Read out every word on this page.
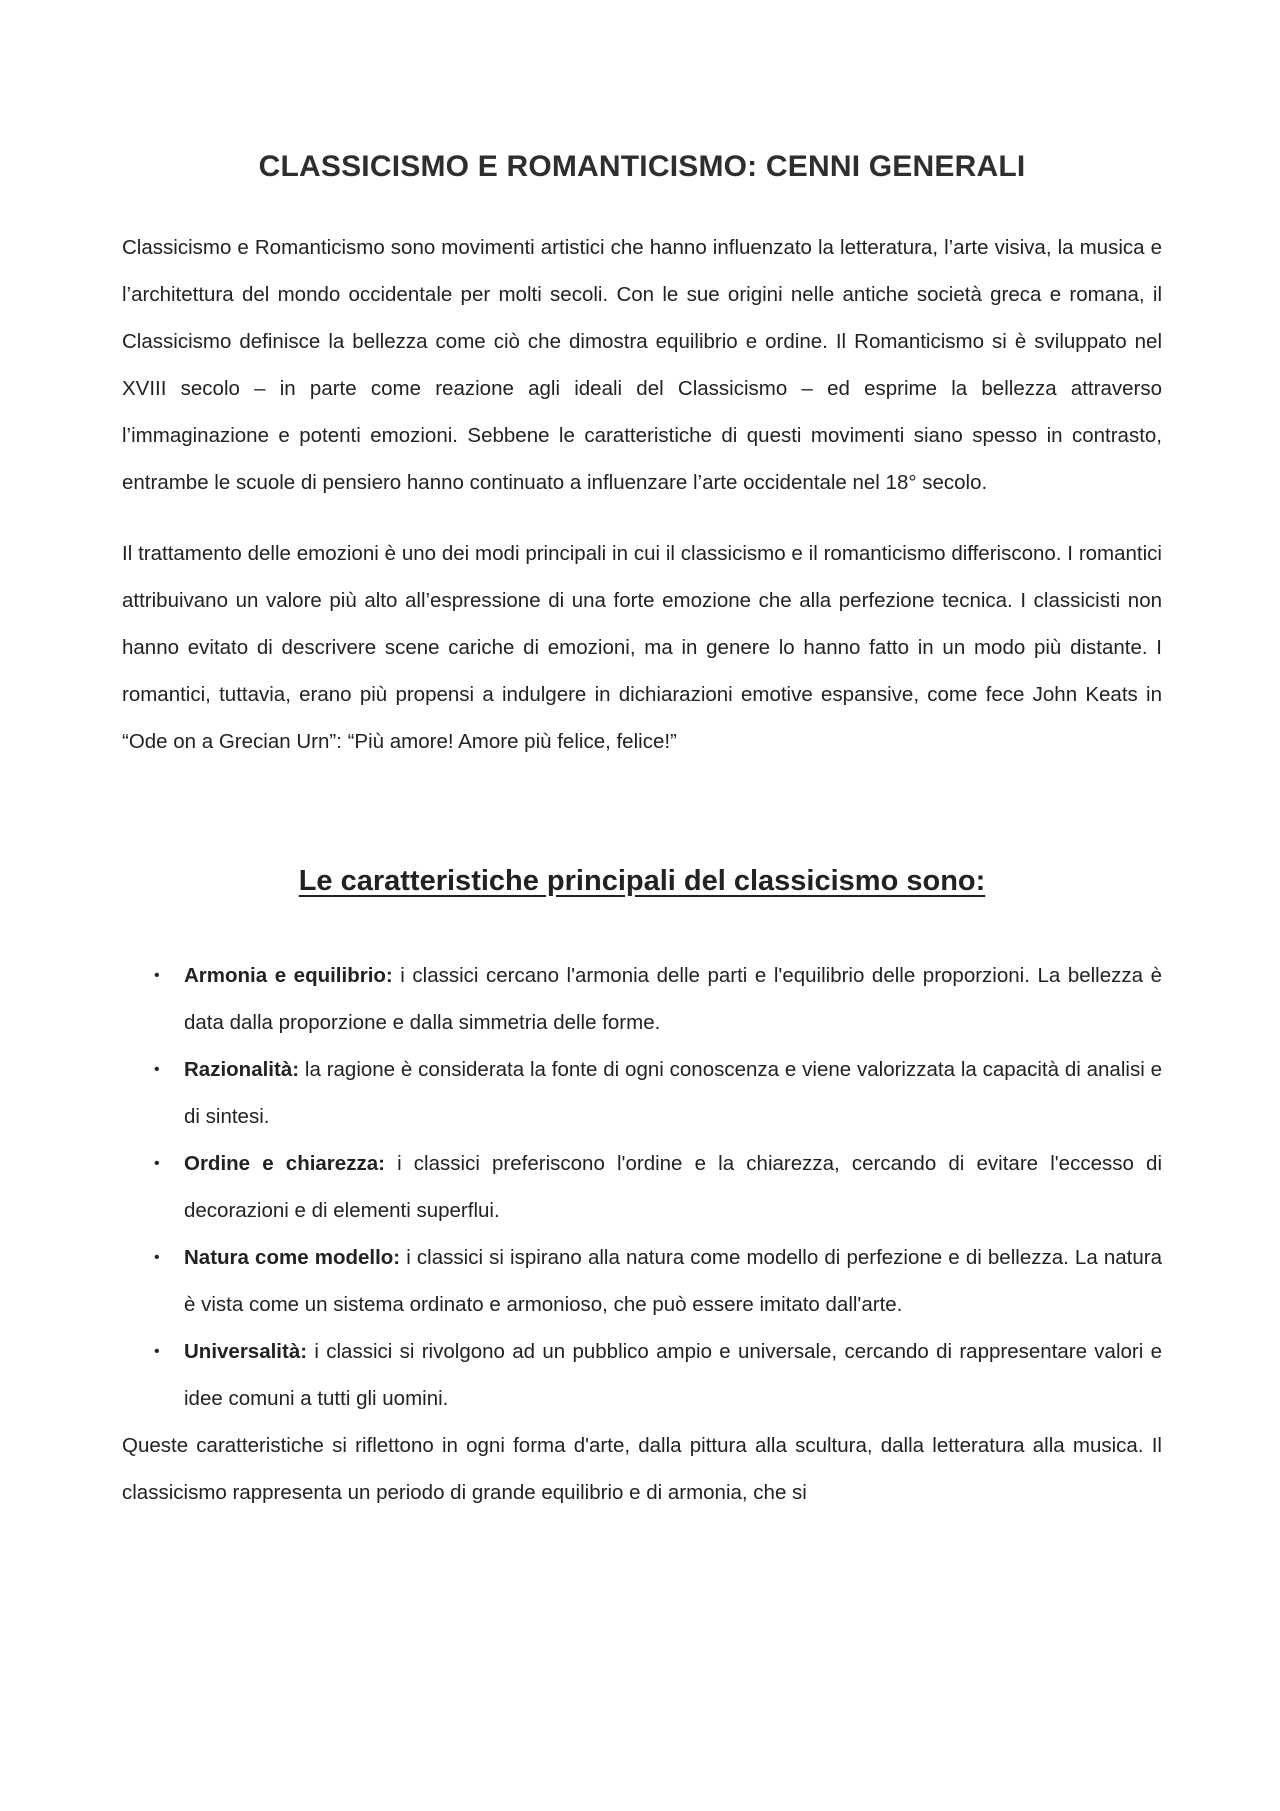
CLASSICISMO E ROMANTICISMO: CENNI GENERALI

Classicismo e Romanticismo sono movimenti artistici che hanno influenzato la letteratura, l’arte visiva, la musica e l’architettura del mondo occidentale per molti secoli. Con le sue origini nelle antiche società greca e romana, il Classicismo definisce la bellezza come ciò che dimostra equilibrio e ordine. Il Romanticismo si è sviluppato nel XVIII secolo – in parte come reazione agli ideali del Classicismo – ed esprime la bellezza attraverso l’immaginazione e potenti emozioni. Sebbene le caratteristiche di questi movimenti siano spesso in contrasto, entrambe le scuole di pensiero hanno continuato a influenzare l’arte occidentale nel 18° secolo.

Il trattamento delle emozioni è uno dei modi principali in cui il classicismo e il romanticismo differiscono. I romantici attribuivano un valore più alto all’espressione di una forte emozione che alla perfezione tecnica. I classicisti non hanno evitato di descrivere scene cariche di emozioni, ma in genere lo hanno fatto in un modo più distante. I romantici, tuttavia, erano più propensi a indulgere in dichiarazioni emotive espansive, come fece John Keats in “Ode on a Grecian Urn”: “Più amore! Amore più felice, felice!”

Le caratteristiche principali del classicismo sono:
• Armonia e equilibrio: i classici cercano l'armonia delle parti e l'equilibrio delle proporzioni. La bellezza è data dalla proporzione e dalla simmetria delle forme.
• Razionalità: la ragione è considerata la fonte di ogni conoscenza e viene valorizzata la capacità di analisi e di sintesi.
• Ordine e chiarezza: i classici preferiscono l'ordine e la chiarezza, cercando di evitare l'eccesso di decorazioni e di elementi superflui.
• Natura come modello: i classici si ispirano alla natura come modello di perfezione e di bellezza. La natura è vista come un sistema ordinato e armonioso, che può essere imitato dall'arte.
• Universalità: i classici si rivolgono ad un pubblico ampio e universale, cercando di rappresentare valori e idee comuni a tutti gli uomini.

Queste caratteristiche si riflettono in ogni forma d'arte, dalla pittura alla scultura, dalla letteratura alla musica. Il classicismo rappresenta un periodo di grande equilibrio e di armonia, che si
